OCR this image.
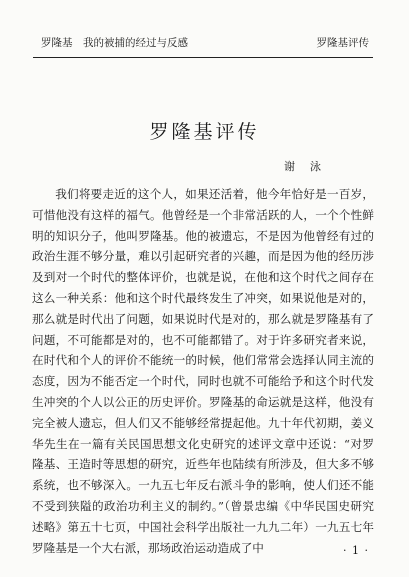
罗隆基　我的被捕的经过与反感	罗隆基评传
罗隆基评传
谢　泳

我们将要走近的这个人，如果还活着，他今年恰好是一百岁，可惜他没有这样的福气。他曾经是一个非常活跃的人，一个个性鲜明的知识分子，他叫罗隆基。他的被遗忘，不是因为他曾经有过的政治生涯不够分量，难以引起研究者的兴趣，而是因为他的经历涉及到对一个时代的整体评价，也就是说，在他和这个时代之间存在这么一种关系：他和这个时代最终发生了冲突，如果说他是对的，那么就是时代出了问题，如果说时代是对的，那么就是罗隆基有了问题，不可能都是对的，也不可能都错了。对于许多研究者来说，在时代和个人的评价不能统一的时候，他们常常会选择认同主流的态度，因为不能否定一个时代，同时也就不可能给予和这个时代发生冲突的个人以公正的历史评价。罗隆基的命运就是这样，他没有完全被人遗忘，但人们又不能够经常提起他。九十年代初期，姜义华先生在一篇有关民国思想文化史研究的述评文章中还说：“对罗隆基、王造时等思想的研究，近些年也陆续有所涉及，但大多不够系统，也不够深入。一九五七年反右派斗争的影响，使人们还不能不受到狭隘的政治功利主义的制约。”（曾景忠编《中华民国史研究述略》第五十七页，中国社会科学出版社一九九二年）一九五七年罗隆基是一个大右派，那场政治运动造成了中	· 1 ·
